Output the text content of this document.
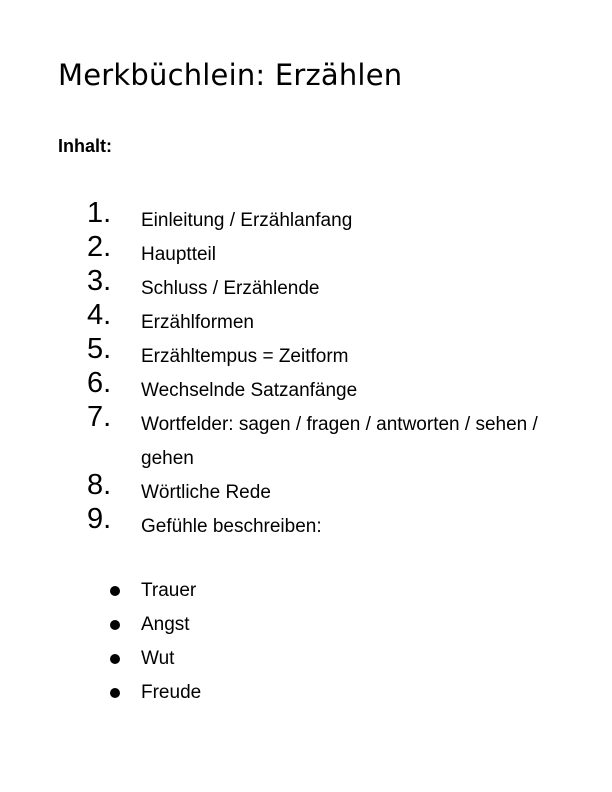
Merkbüchlein: Erzählen
Inhalt:
1.	Einleitung / Erzählanfang
2.	Hauptteil
3.	Schluss / Erzählende
4.	Erzählformen
5.	Erzähltempus = Zeitform
6.	Wechselnde Satzanfänge
7.	Wortfelder: sagen / fragen / antworten / sehen / gehen
8.	Wörtliche Rede
9.	Gefühle beschreiben:
Trauer
Angst
Wut
Freude
